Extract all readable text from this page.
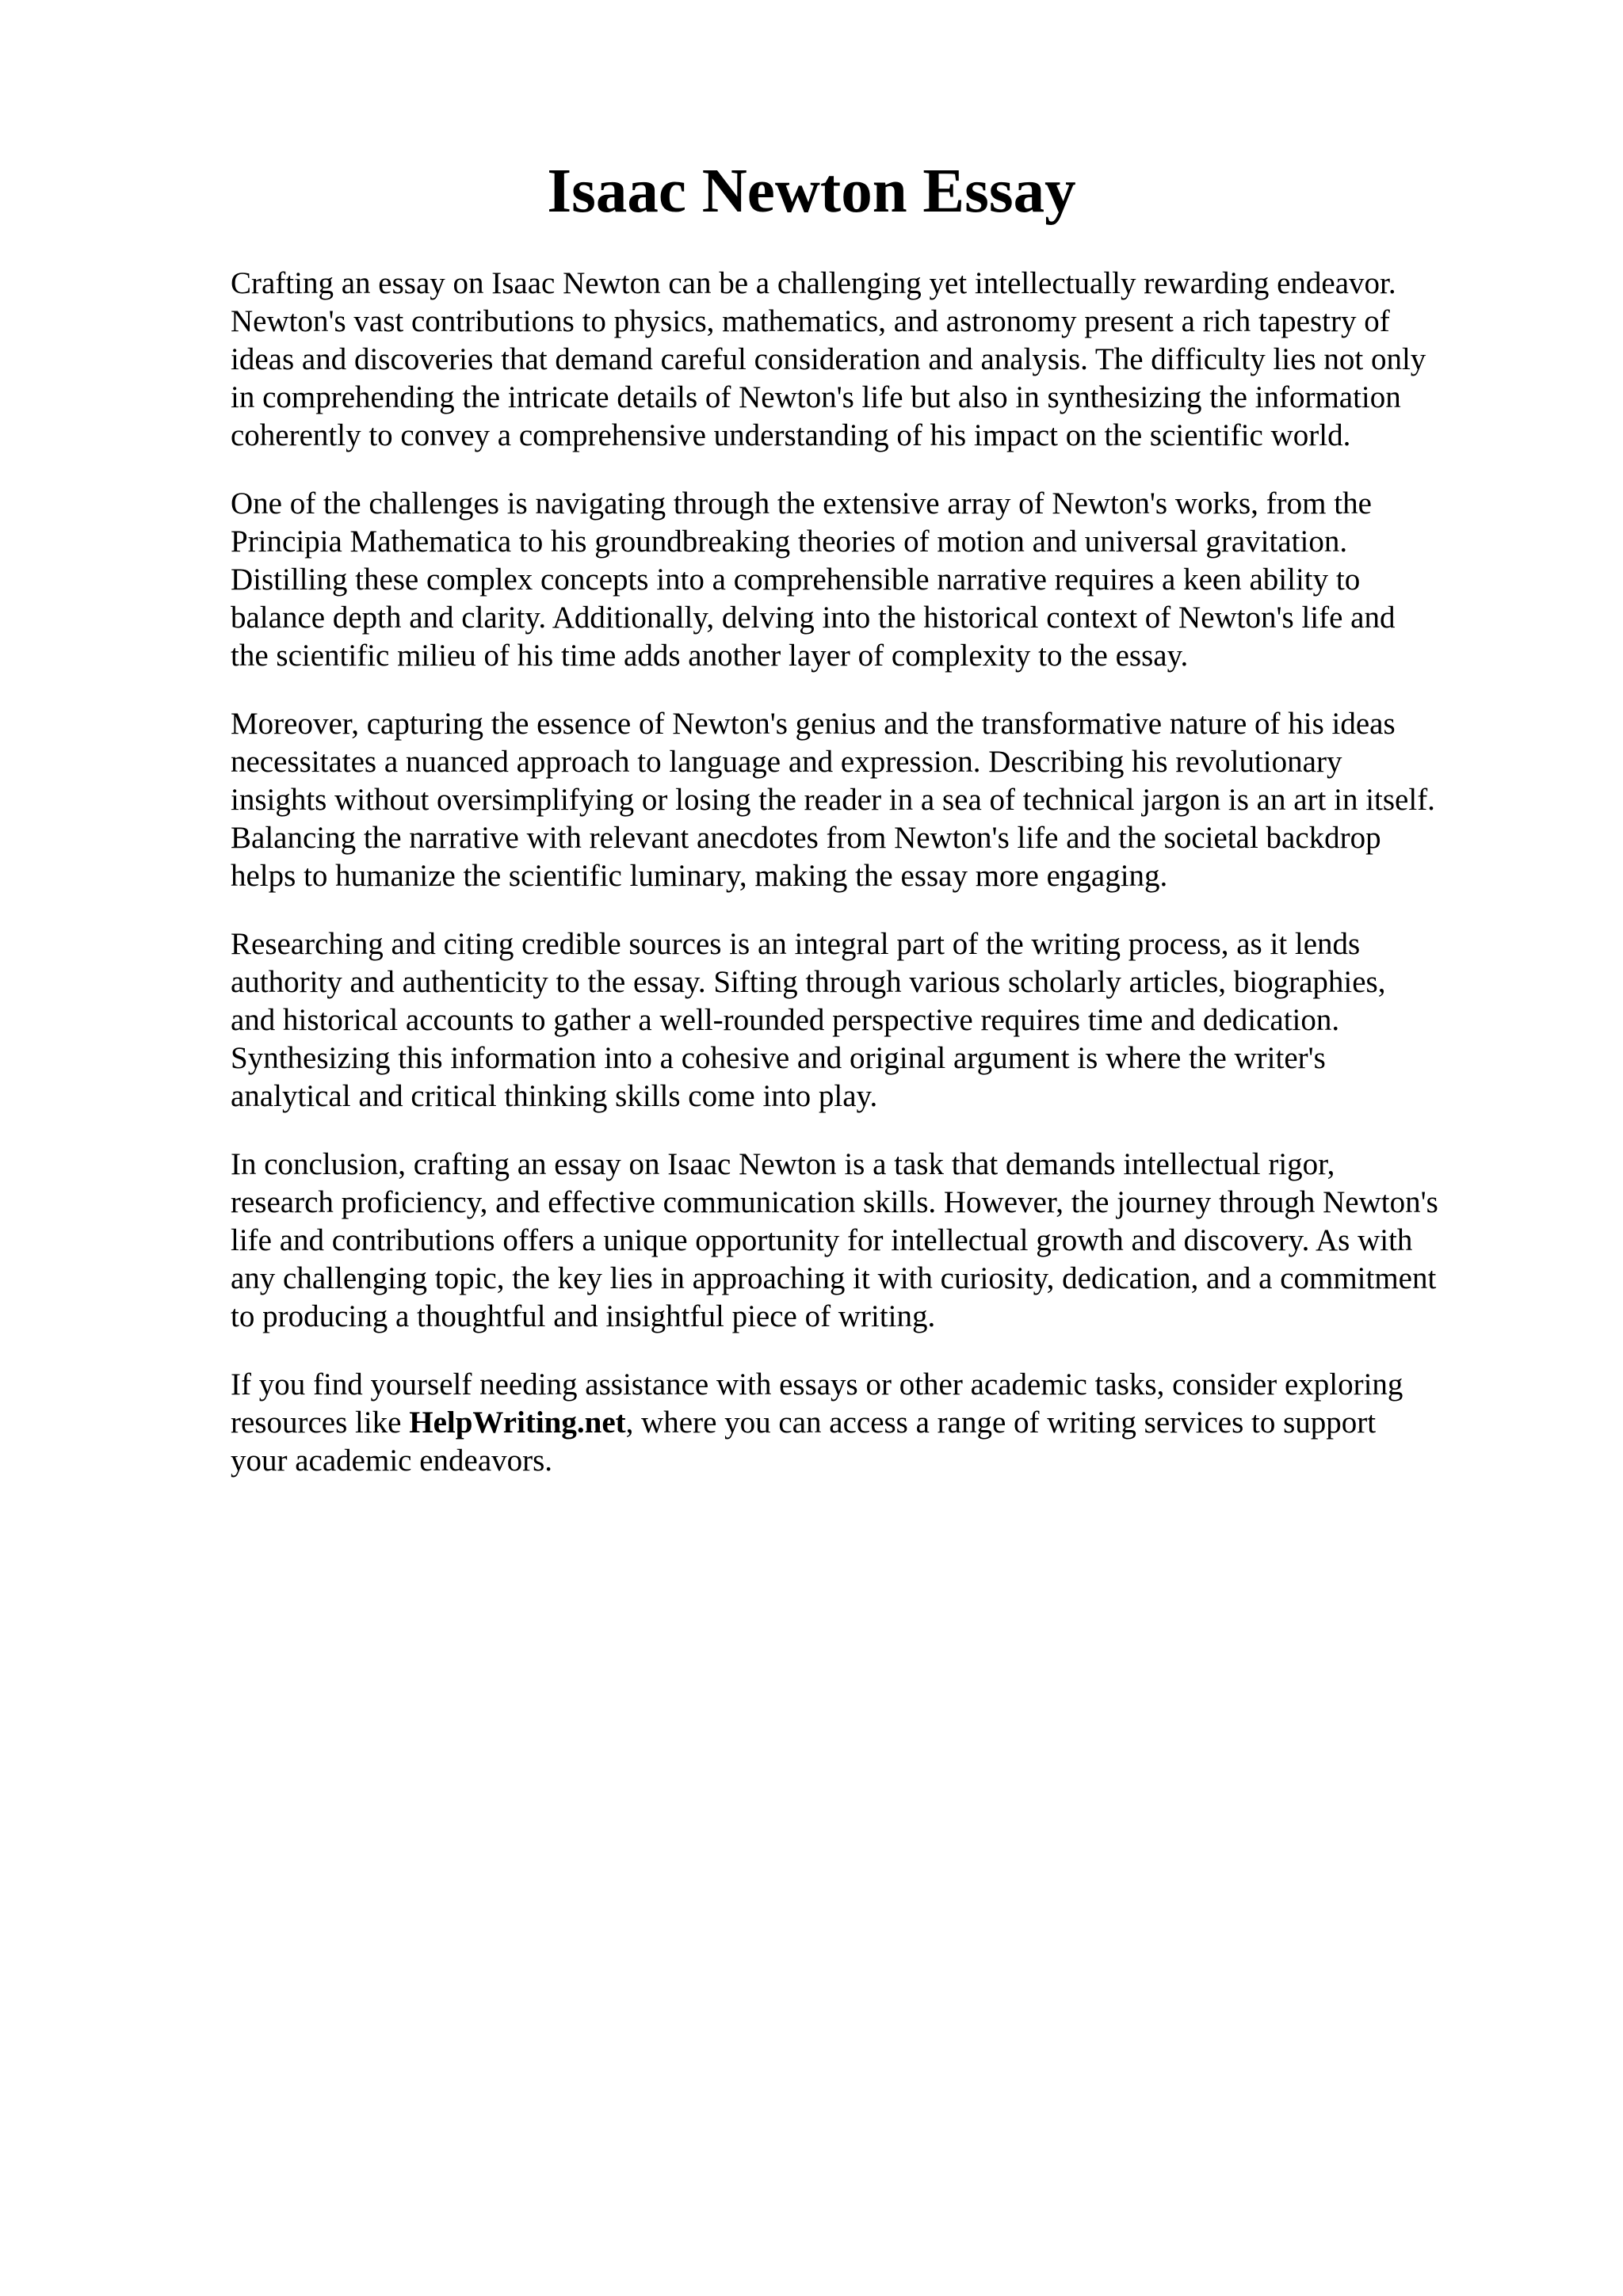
Isaac Newton Essay

Crafting an essay on Isaac Newton can be a challenging yet intellectually rewarding endeavor.
Newton's vast contributions to physics, mathematics, and astronomy present a rich tapestry of
ideas and discoveries that demand careful consideration and analysis. The difficulty lies not only
in comprehending the intricate details of Newton's life but also in synthesizing the information
coherently to convey a comprehensive understanding of his impact on the scientific world.

One of the challenges is navigating through the extensive array of Newton's works, from the
Principia Mathematica to his groundbreaking theories of motion and universal gravitation.
Distilling these complex concepts into a comprehensible narrative requires a keen ability to
balance depth and clarity. Additionally, delving into the historical context of Newton's life and
the scientific milieu of his time adds another layer of complexity to the essay.

Moreover, capturing the essence of Newton's genius and the transformative nature of his ideas
necessitates a nuanced approach to language and expression. Describing his revolutionary
insights without oversimplifying or losing the reader in a sea of technical jargon is an art in itself.
Balancing the narrative with relevant anecdotes from Newton's life and the societal backdrop
helps to humanize the scientific luminary, making the essay more engaging.

Researching and citing credible sources is an integral part of the writing process, as it lends
authority and authenticity to the essay. Sifting through various scholarly articles, biographies,
and historical accounts to gather a well-rounded perspective requires time and dedication.
Synthesizing this information into a cohesive and original argument is where the writer's
analytical and critical thinking skills come into play.

In conclusion, crafting an essay on Isaac Newton is a task that demands intellectual rigor,
research proficiency, and effective communication skills. However, the journey through Newton's
life and contributions offers a unique opportunity for intellectual growth and discovery. As with
any challenging topic, the key lies in approaching it with curiosity, dedication, and a commitment
to producing a thoughtful and insightful piece of writing.

If you find yourself needing assistance with essays or other academic tasks, consider exploring
resources like HelpWriting.net, where you can access a range of writing services to support
your academic endeavors.
